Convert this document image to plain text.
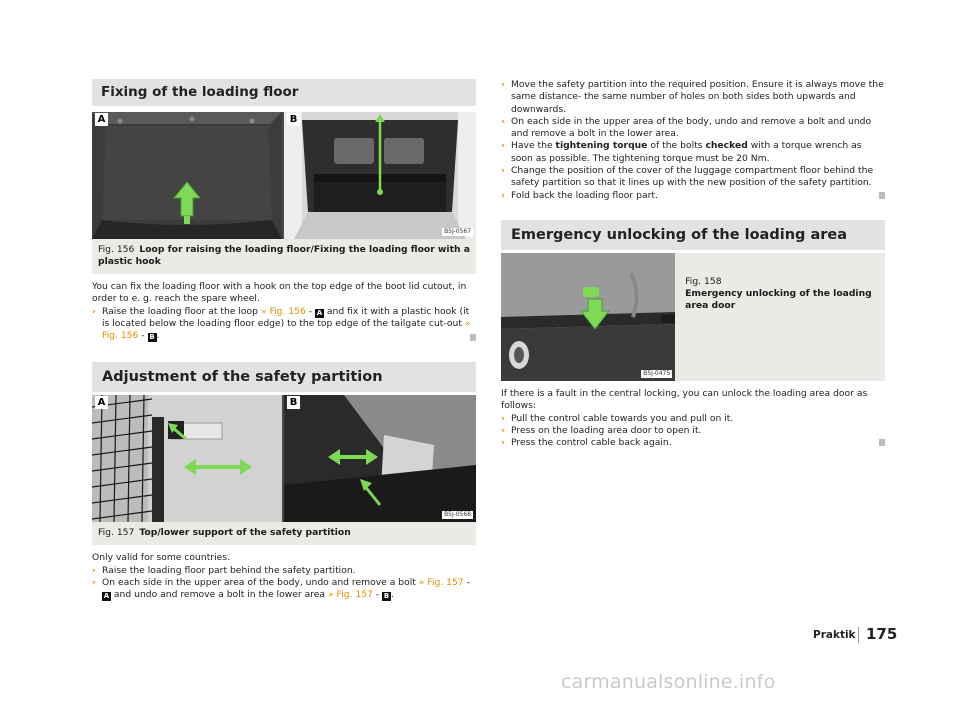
Fixing of the loading floor
A	B
B5J-0567
Fig. 156 Loop for raising the loading floor/Fixing the loading floor with a plastic hook

You can fix the loading floor with a hook on the top edge of the boot lid cutout, in order to e. g. reach the spare wheel.

› Raise the loading floor at the loop » Fig. 156 - A and fix it with a plastic hook (it is located below the loading floor edge) to the top edge of the tailgate cut-out » Fig. 156 - B .
Adjustment of the safety partition
A	B
B5J-0568
Fig. 157 Top/lower support of the safety partition

Only valid for some countries.

› Raise the loading floor part behind the safety partition.
› On each side in the upper area of the body, undo and remove a bolt » Fig. 157 - A and undo and remove a bolt in the lower area » Fig. 157 - B .
› Move the safety partition into the required position. Ensure it is always move the same distance- the same number of holes on both sides both upwards and downwards.
› On each side in the upper area of the body, undo and remove a bolt and undo and remove a bolt in the lower area.
› Have the tightening torque of the bolts checked with a torque wrench as soon as possible. The tightening torque must be 20 Nm.
› Change the position of the cover of the luggage compartment floor behind the safety partition so that it lines up with the new position of the safety partition.
› Fold back the loading floor part.
Emergency unlocking of the loading area
B5J-0475
Fig. 158
Emergency unlocking of the loading area door

If there is a fault in the central locking, you can unlock the loading area door as follows:

› Pull the control cable towards you and pull on it.
› Press on the loading area door to open it.
› Press the control cable back again.
Praktik 175
carmanualsonline.info
